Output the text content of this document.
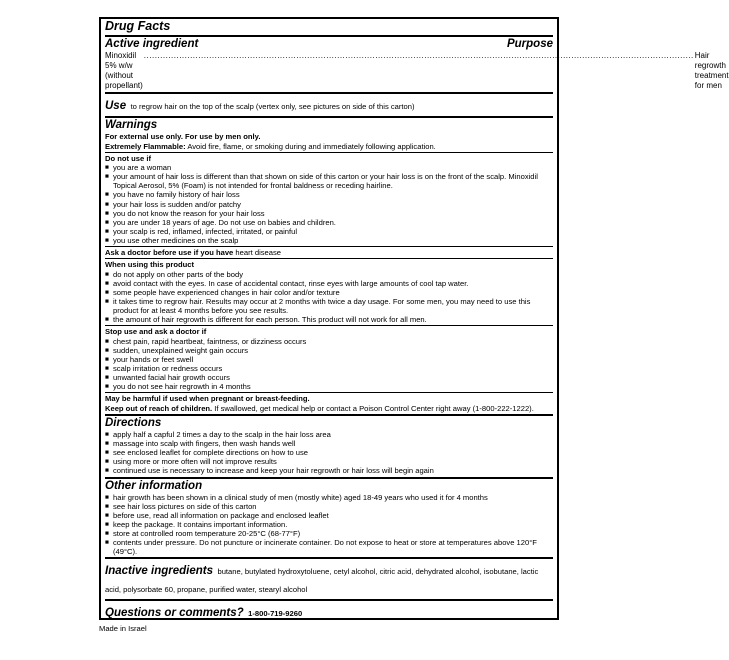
Drug Facts
Active ingredient	Purpose
Minoxidil 5% w/w (without propellant)
.......................................................................................................................................................................................................... Hair regrowth treatment for men
Use to regrow hair on the top of the scalp (vertex only, see pictures on side of this carton)
Warnings
For external use only. For use by men only.
Extremely Flammable: Avoid fire, flame, or smoking during and immediately following application.
Do not use if
■ you are a woman
■ your amount of hair loss is different than that shown on side of this carton or your hair loss is on the front of the scalp. Minoxidil Topical Aerosol, 5% (Foam) is not intended for frontal baldness or receding hairline.
■ you have no family history of hair loss
■ your hair loss is sudden and/or patchy
■ you do not know the reason for your hair loss
■ you are under 18 years of age. Do not use on babies and children.
■ your scalp is red, inflamed, infected, irritated, or painful
■ you use other medicines on the scalp
Ask a doctor before use if you have heart disease
When using this product
■ do not apply on other parts of the body
■ avoid contact with the eyes. In case of accidental contact, rinse eyes with large amounts of cool tap water.
■ some people have experienced changes in hair color and/or texture
■ it takes time to regrow hair. Results may occur at 2 months with twice a day usage. For some men, you may need to use this product for at least 4 months before you see results.
■ the amount of hair regrowth is different for each person. This product will not work for all men.
Stop use and ask a doctor if
■ chest pain, rapid heartbeat, faintness, or dizziness occurs
■ sudden, unexplained weight gain occurs
■ your hands or feet swell
■ scalp irritation or redness occurs
■ unwanted facial hair growth occurs
■ you do not see hair regrowth in 4 months
May be harmful if used when pregnant or breast-feeding.
Keep out of reach of children. If swallowed, get medical help or contact a Poison Control Center right away (1-800-222-1222).
Directions
■ apply half a capful 2 times a day to the scalp in the hair loss area
■ massage into scalp with fingers, then wash hands well
■ see enclosed leaflet for complete directions on how to use
■ using more or more often will not improve results
■ continued use is necessary to increase and keep your hair regrowth or hair loss will begin again
Other information
■ hair growth has been shown in a clinical study of men (mostly white) aged 18-49 years who used it for 4 months
■ see hair loss pictures on side of this carton
■ before use, read all information on package and enclosed leaflet
■ keep the package. It contains important information.
■ store at controlled room temperature 20-25°C (68-77°F)
■ contents under pressure. Do not puncture or incinerate container. Do not expose to heat or store at temperatures above 120°F (49°C).
Inactive ingredients butane, butylated hydroxytoluene, cetyl alcohol, citric acid, dehydrated alcohol, isobutane, lactic acid, polysorbate 60, propane, purified water, stearyl alcohol
Questions or comments? 1-800-719-9260
Made in Israel
